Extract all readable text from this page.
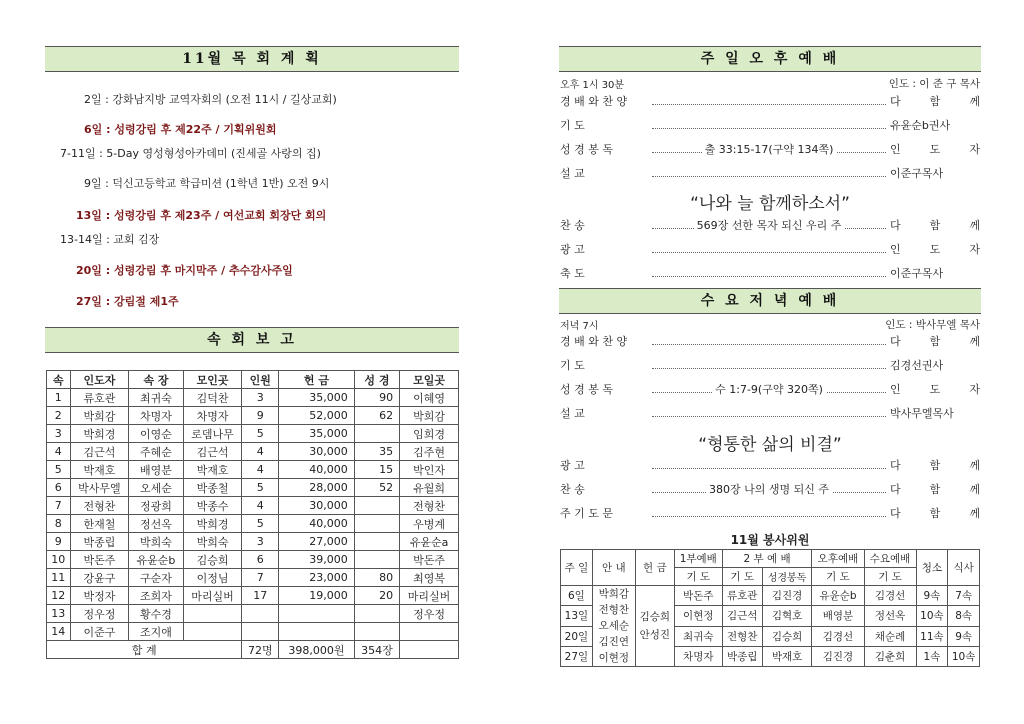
11월 목 회 계 획
2일 : 강화남지방 교역자회의 (오전 11시 / 길상교회)
6일 : 성령강림 후 제22주 / 기획위원회
7-11일 : 5-Day 영성형성아카데미 (진세골 사랑의 집)
9일 : 덕신고등학교 학급미션 (1학년 1반) 오전 9시
13일 : 성령강림 후 제23주 / 여선교회 회장단 회의
13-14일 : 교회 김장
20일 : 성령강림 후 마지막주 / 추수감사주일
27일 : 강림절 제1주
속 회 보 고
속	인도자	속 장	모인곳	인원	헌 금	성 경	모일곳
1	류호관	최귀숙	김덕찬	3	35,000	90	이혜영
2	박희감	차명자	차명자	9	52,000	62	박희감
3	박희경	이영순	로뎀나무	5	35,000		임희경
4	김근석	주혜순	김근석	4	30,000	35	김주현
5	박재호	배영분	박재호	4	40,000	15	박인자
6	박사무엘	오세순	박종철	5	28,000	52	유월희
7	전형찬	정광희	박종수	4	30,000		전형찬
8	한재철	정선옥	박희경	5	40,000		우병계
9	박종립	박희숙	박희숙	3	27,000		유윤순a
10	박돈주	유윤순b	김승희	6	39,000		박돈주
11	강윤구	구순자	이정님	7	23,000	80	최영복
12	박정자	조희자	마리실버	17	19,000	20	마리실버
13	정우정	황수경					정우정
14	이준구	조지애					
합 계				72명	398,000원	354장	
주 일 오 후 예 배
오후 1시 30분	인도 : 이 준 구 목사
경 배 와 찬 양	다 함 께
기 도	유윤순b권사
성 경 봉 독	출 33:15-17(구약 134쪽)	인 도 자
설 교	이준구목사
“나와 늘 함께하소서”
찬 송	569장 선한 목자 되신 우리 주	다 함 께
광 고	인 도 자
축 도	이준구목사
수 요 저 녁 예 배
저녁 7시	인도 : 박사무엘 목사
경 배 와 찬 양	다 함 께
기 도	김경선권사
성 경 봉 독	수 1:7-9(구약 320쪽)	인 도 자
설 교	박사무엘목사
“형통한 삶의 비결”
광 고	다 함 께
찬 송	380장 나의 생명 되신 주	다 함 께
주 기 도 문	다 함 께
11월 봉사위원
주 일	안 내	헌 금	1부예배	2 부 예 배		오후예배	수요예배	청소	식사
			기 도	기 도	성경봉독	기 도	기 도		
6일	박희감 전형찬 오세순 김진연 이현정	김승희 안성진	박돈주	류호관	김진경	유윤순b	김경선	9속	7속
13일			이현정	김근석	김혁호	배영분	정선옥	10속	8속
20일			최귀숙	전형찬	김승희	김경선	채순례	11속	9속
27일			차명자	박종립	박재호	김진경	김춘희	1속	10속
